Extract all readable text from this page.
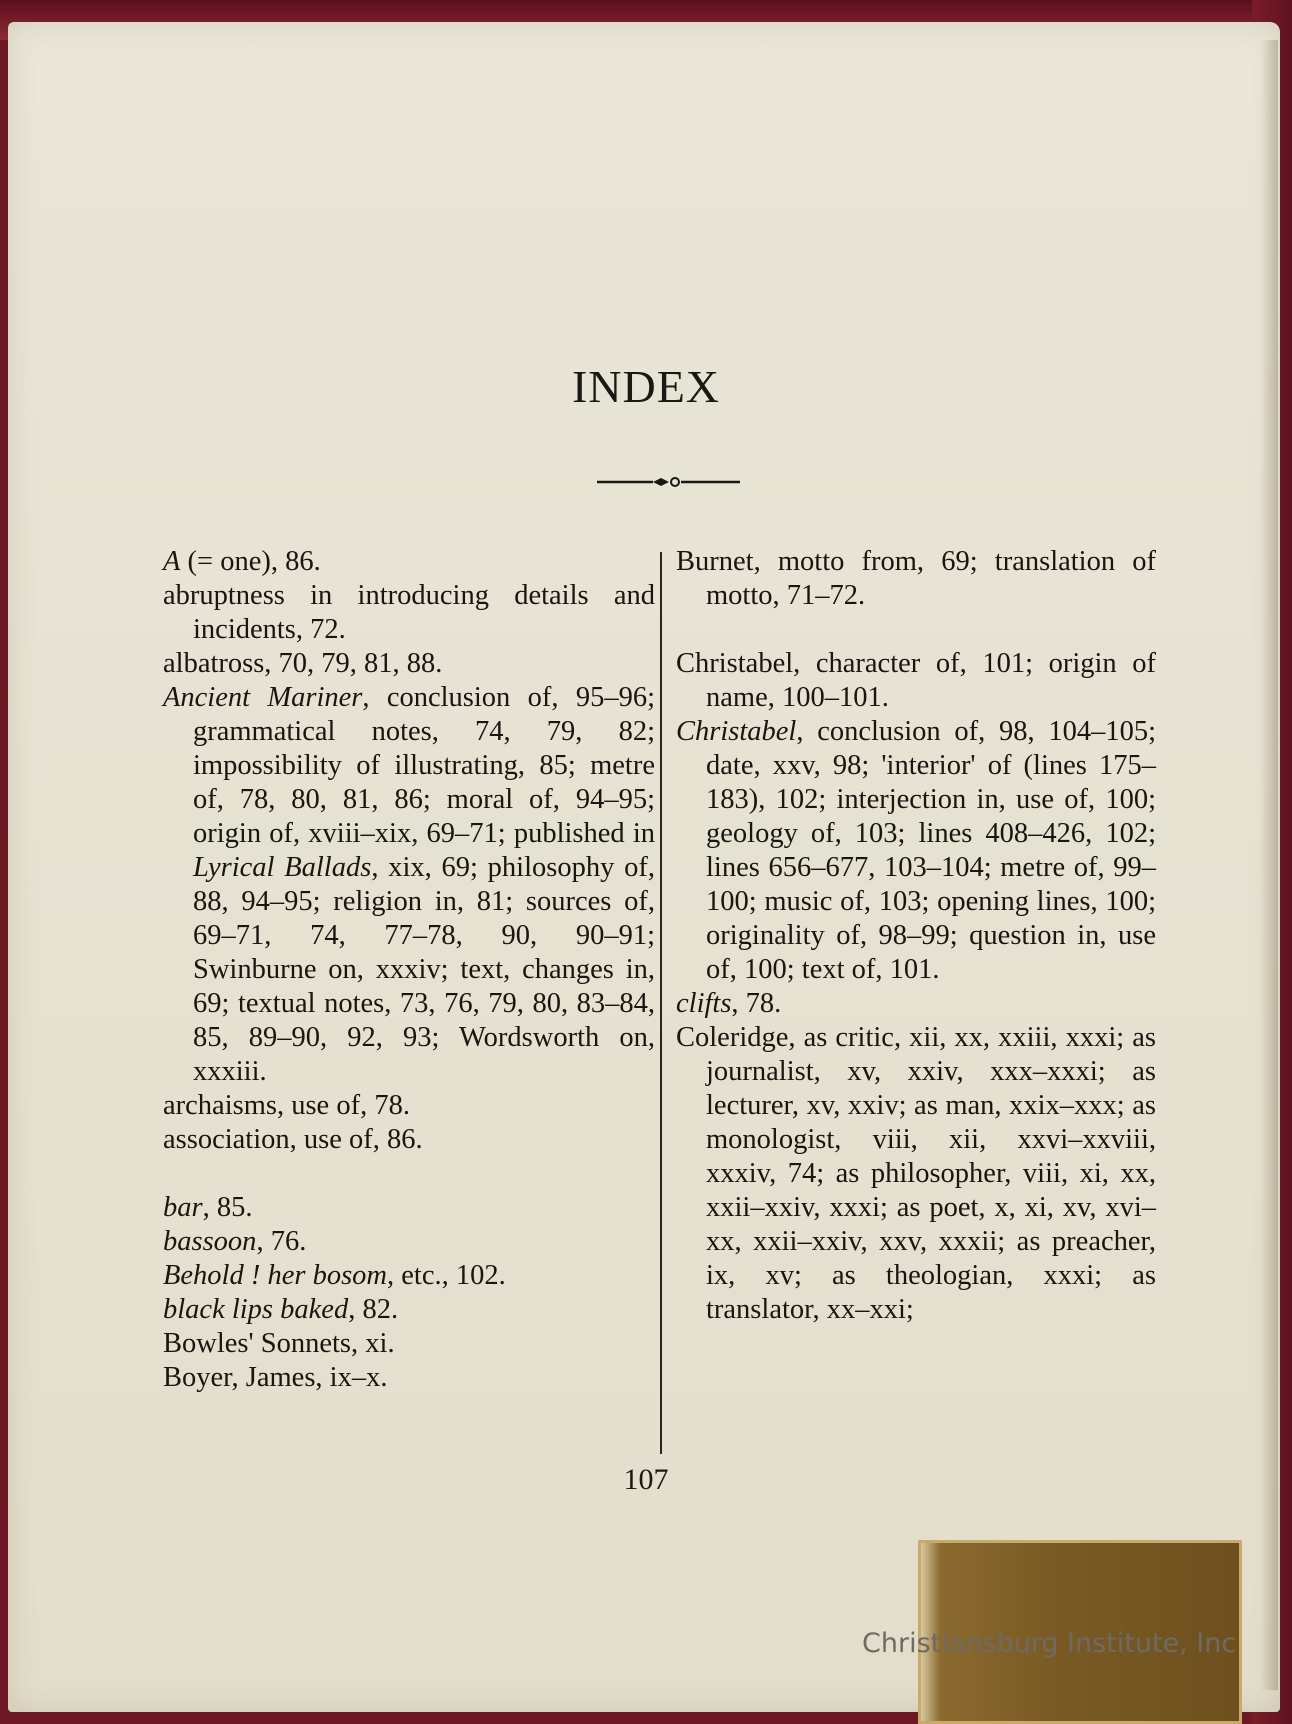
INDEX
A (= one), 86.
abruptness in introducing details and incidents, 72.
albatross, 70, 79, 81, 88.
Ancient Mariner, conclusion of, 95–96; grammatical notes, 74, 79, 82; impossibility of illustrating, 85; metre of, 78, 80, 81, 86; moral of, 94–95; origin of, xviii–xix, 69–71; published in Lyrical Ballads, xix, 69; philosophy of, 88, 94–95; religion in, 81; sources of, 69–71, 74, 77–78, 90, 90–91; Swinburne on, xxxiv; text, changes in, 69; textual notes, 73, 76, 79, 80, 83–84, 85, 89–90, 92, 93; Wordsworth on, xxxiii.
archaisms, use of, 78.
association, use of, 86.
bar, 85.
bassoon, 76.
Behold ! her bosom, etc., 102.
black lips baked, 82.
Bowles' Sonnets, xi.
Boyer, James, ix–x.
Burnet, motto from, 69; translation of motto, 71–72.
Christabel, character of, 101; origin of name, 100–101.
Christabel, conclusion of, 98, 104–105; date, xxv, 98; 'interior' of (lines 175–183), 102; interjection in, use of, 100; geology of, 103; lines 408–426, 102; lines 656–677, 103–104; metre of, 99–100; music of, 103; opening lines, 100; originality of, 98–99; question in, use of, 100; text of, 101.
clifts, 78.
Coleridge, as critic, xii, xx, xxiii, xxxi; as journalist, xv, xxiv, xxx–xxxi; as lecturer, xv, xxiv; as man, xxix–xxx; as monologist, viii, xii, xxvi–xxviii, xxxiv, 74; as philosopher, viii, xi, xx, xxii–xxiv, xxxi; as poet, x, xi, xv, xvi–xx, xxii–xxiv, xxv, xxxii; as preacher, ix, xv; as theologian, xxxi; as translator, xx–xxi;
107
Christiansburg Institute, Inc
